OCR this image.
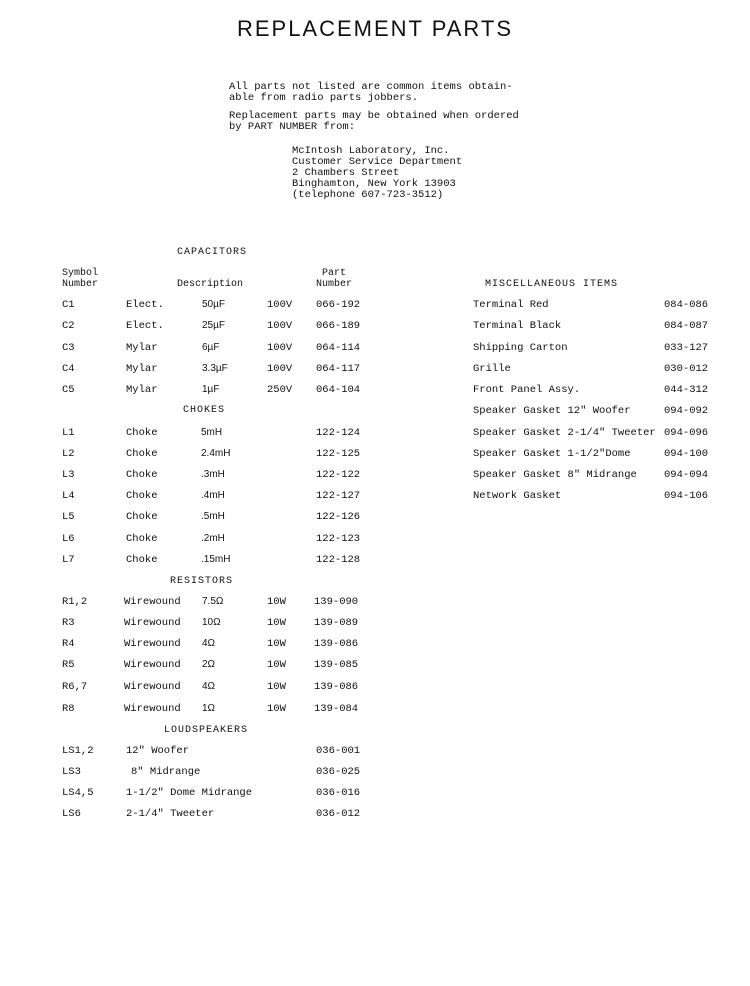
REPLACEMENT PARTS

All parts not listed are common items obtain-
able from radio parts jobbers.

Replacement parts may be obtained when ordered
by PART NUMBER from:

McIntosh Laboratory, Inc.
Customer Service Department
2 Chambers Street
Binghamton, New York 13903
(telephone 607-723-3512)
Symbol
Number	Description
Part
Number
CAPACITORS
CHOKES
RESISTORS
LOUDSPEAKERS
MISCELLANEOUS ITEMS
C1	Elect.	50µF	100V 066-192
C2	Elect.	25µF	100V 066-189
C3	Mylar	6µF	100V 064-114
C4	Mylar	3.3µF	100V 064-117
C5	Mylar	1µF	250V 064-104
L1	Choke	5mH	122-124
L2	Choke	2.4mH	122-125
L3	Choke	.3mH	122-122
L4	Choke	.4mH	122-127
L5	Choke	.5mH	122-126
L6	Choke	.2mH	122-123
L7	Choke	.15mH	122-128
R1,2	Wirewound 7.5Ω	10W	139-090
R3	Wirewound 10Ω	10W	139-089
R4	Wirewound 4Ω	10W	139-086
R5	Wirewound 2Ω	10W	139-085
R6,7	Wirewound 4Ω	10W	139-086
R8	Wirewound 1Ω	10W	139-084
LS1,2	12" Woofer	036-001
LS3	8" Midrange	036-025
LS4,5	1-1/2" Dome Midrange	036-016
LS6	2-1/4" Tweeter	036-012
Terminal Red	084-086
Terminal Black	084-087
Shipping Carton	033-127
Grille	030-012
Front Panel Assy.	044-312
Speaker Gasket 12" Woofer	094-092
Speaker Gasket 2-1/4" Tweeter 094-096
Speaker Gasket 1-1/2"Dome	094-100
Speaker Gasket 8" Midrange	094-094
Network Gasket	094-106
